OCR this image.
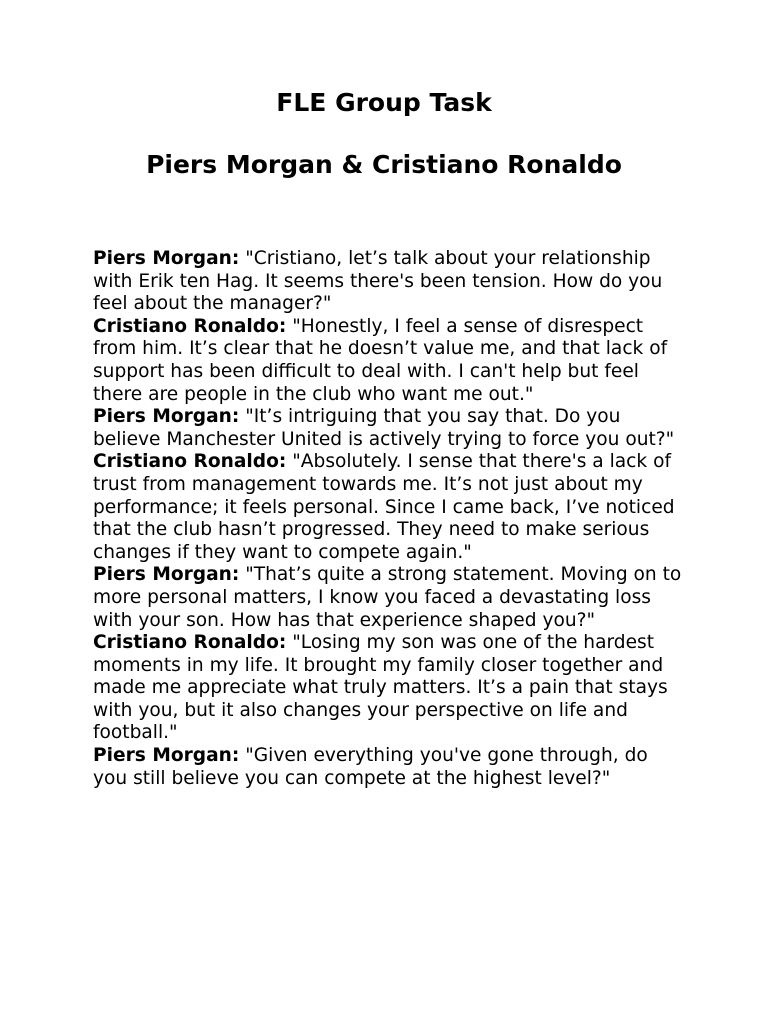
FLE Group Task
Piers Morgan & Cristiano Ronaldo

Piers Morgan: "Cristiano, let’s talk about your relationship with Erik ten Hag. It seems there's been tension. How do you feel about the manager?"

Cristiano Ronaldo: "Honestly, I feel a sense of disrespect from him. It’s clear that he doesn’t value me, and that lack of support has been difficult to deal with. I can't help but feel there are people in the club who want me out."

Piers Morgan: "It’s intriguing that you say that. Do you believe Manchester United is actively trying to force you out?"

Cristiano Ronaldo: "Absolutely. I sense that there's a lack of trust from management towards me. It’s not just about my performance; it feels personal. Since I came back, I’ve noticed that the club hasn’t progressed. They need to make serious changes if they want to compete again."

Piers Morgan: "That’s quite a strong statement. Moving on to more personal matters, I know you faced a devastating loss with your son. How has that experience shaped you?"

Cristiano Ronaldo: "Losing my son was one of the hardest moments in my life. It brought my family closer together and made me appreciate what truly matters. It’s a pain that stays with you, but it also changes your perspective on life and football."

Piers Morgan: "Given everything you've gone through, do you still believe you can compete at the highest level?"
